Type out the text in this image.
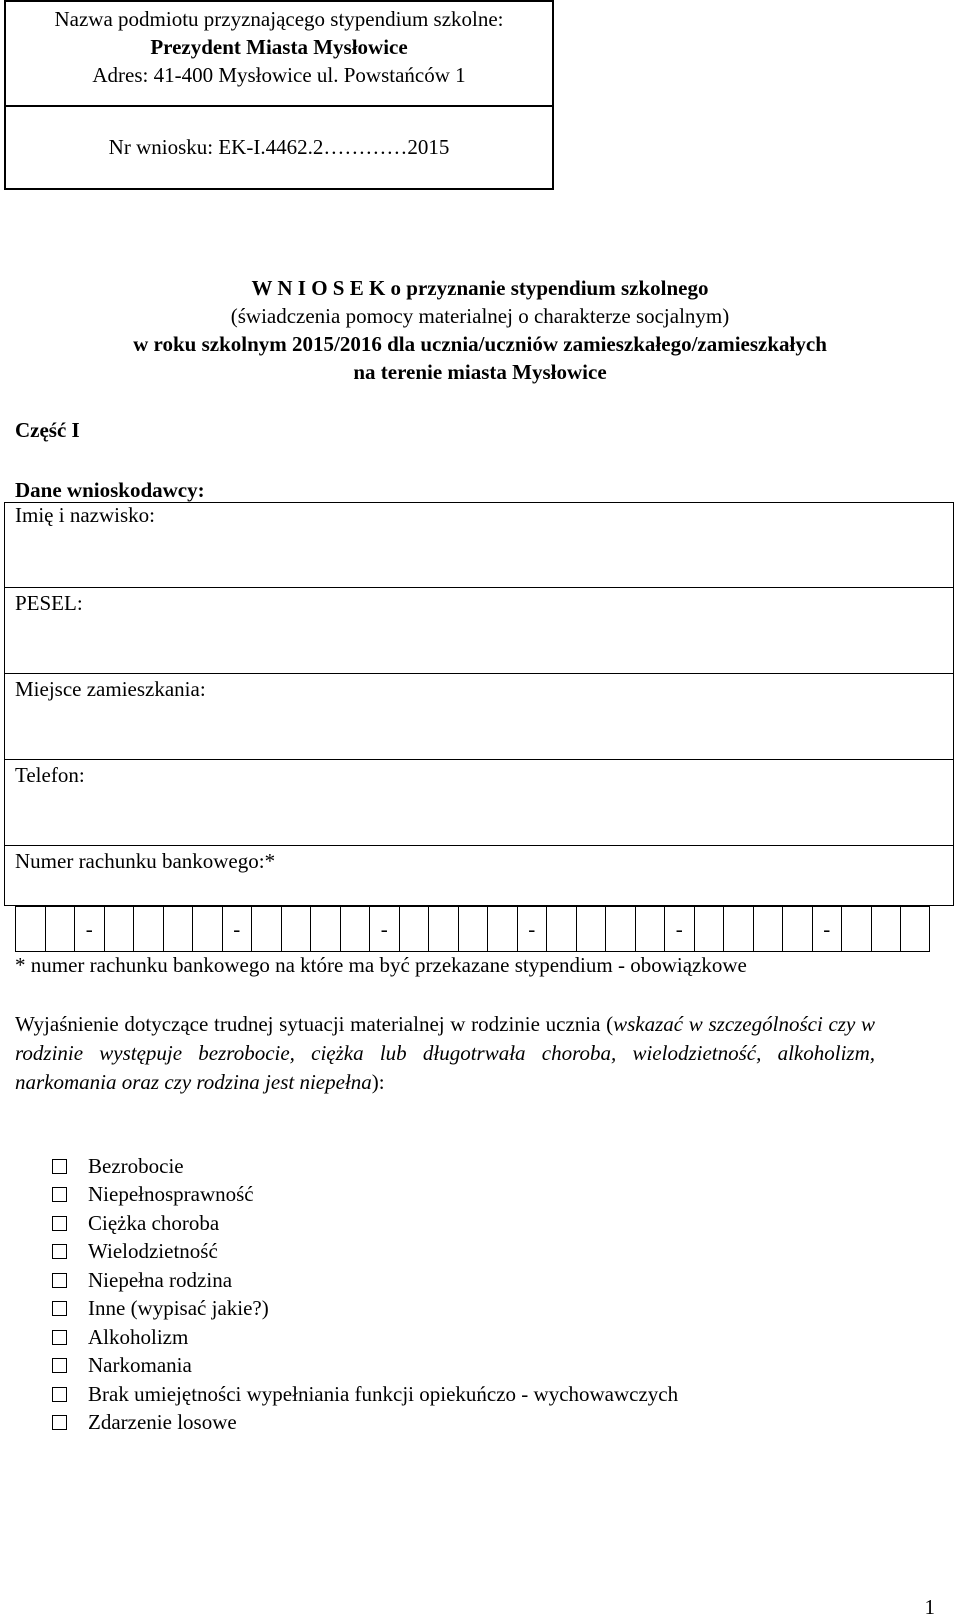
Nazwa podmiotu przyznającego stypendium szkolne:
Prezydent Miasta Mysłowice
Adres: 41-400 Mysłowice ul. Powstańców 1
Nr wniosku: EK-I.4462.2…………2015
W N I O S E K o przyznanie stypendium szkolnego
(świadczenia pomocy materialnej o charakterze socjalnym)
w roku szkolnym 2015/2016 dla ucznia/uczniów zamieszkałego/zamieszkałych
na terenie miasta Mysłowice
Część I
Dane wnioskodawcy:
Imię i nazwisko:
PESEL:
Miejsce zamieszkania:
Telefon:
Numer rachunku bankowego:*
-	-	-	-	-	-
* numer rachunku bankowego na które ma być przekazane stypendium - obowiązkowe
Wyjaśnienie dotyczące trudnej sytuacji materialnej w rodzinie ucznia (wskazać w szczególności czy w rodzinie występuje bezrobocie, ciężka lub długotrwała choroba, wielodzietność, alkoholizm, narkomania oraz czy rodzina jest niepełna):
Bezrobocie
Niepełnosprawność
Ciężka choroba
Wielodzietność
Niepełna rodzina
Inne (wypisać jakie?)
Alkoholizm
Narkomania
Brak umiejętności wypełniania funkcji opiekuńczo - wychowawczych
Zdarzenie losowe
1
